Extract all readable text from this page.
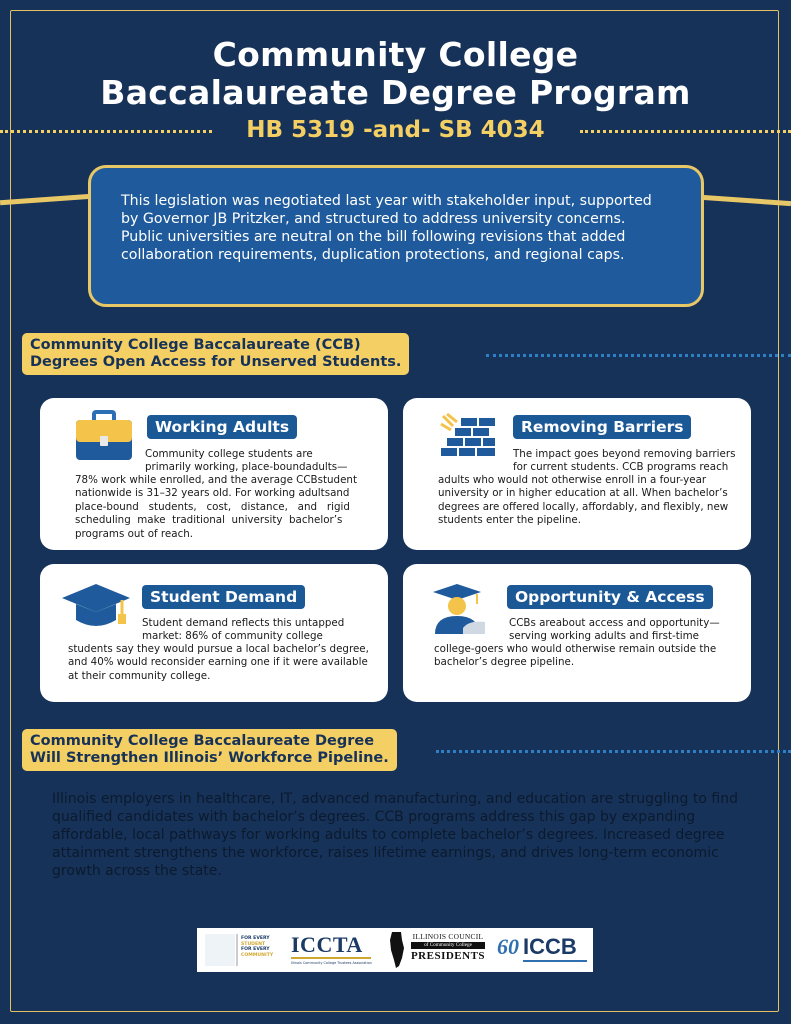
Community College
Baccalaureate Degree Program
HB 5319 -and- SB 4034
This legislation was negotiated last year with stakeholder input, supported by Governor JB Pritzker, and structured to address university concerns. Public universities are neutral on the bill following revisions that added collaboration requirements, duplication protections, and regional caps.
Community College Baccalaureate (CCB)
Degrees Open Access for Unserved Students.
Working Adults
Community college students are
primarily working, place-boundadults—
78% work while enrolled, and the average CCBstudent
nationwide is 31–32 years old. For working adultsand
place-bound   students,   cost,   distance,   and   rigid
scheduling  make  traditional  university  bachelor’s
programs out of reach.
Removing Barriers
The impact goes beyond removing barriers
for current students. CCB programs reach
adults who would not otherwise enroll in a four-year
university or in higher education at all. When bachelor’s
degrees are offered locally, affordably, and flexibly, new
students enter the pipeline.
Student Demand
Student demand reflects this untapped
market: 86% of community college
students say they would pursue a local bachelor’s degree,
and 40% would reconsider earning one if it were available
at their community college.
Opportunity & Access
CCBs areabout access and opportunity—
serving working adults and first-time
college-goers who would otherwise remain outside the
bachelor’s degree pipeline.
Community College Baccalaureate Degree
Will Strengthen Illinois’ Workforce Pipeline.
Illinois employers in healthcare, IT, advanced manufacturing, and education are struggling to find qualified candidates with bachelor’s degrees. CCB programs address this gap by expanding affordable, local pathways for working adults to complete bachelor’s degrees. Increased degree attainment strengthens the workforce, raises lifetime earnings, and drives long-term economic growth across the state.
FOR EVERY
STUDENT
FOR EVERY
COMMUNITY ICCTA
Illinois Community College Trustees Association
ILLINOIS COUNCIL
of Community College
PRESIDENTS 60 ICCB
